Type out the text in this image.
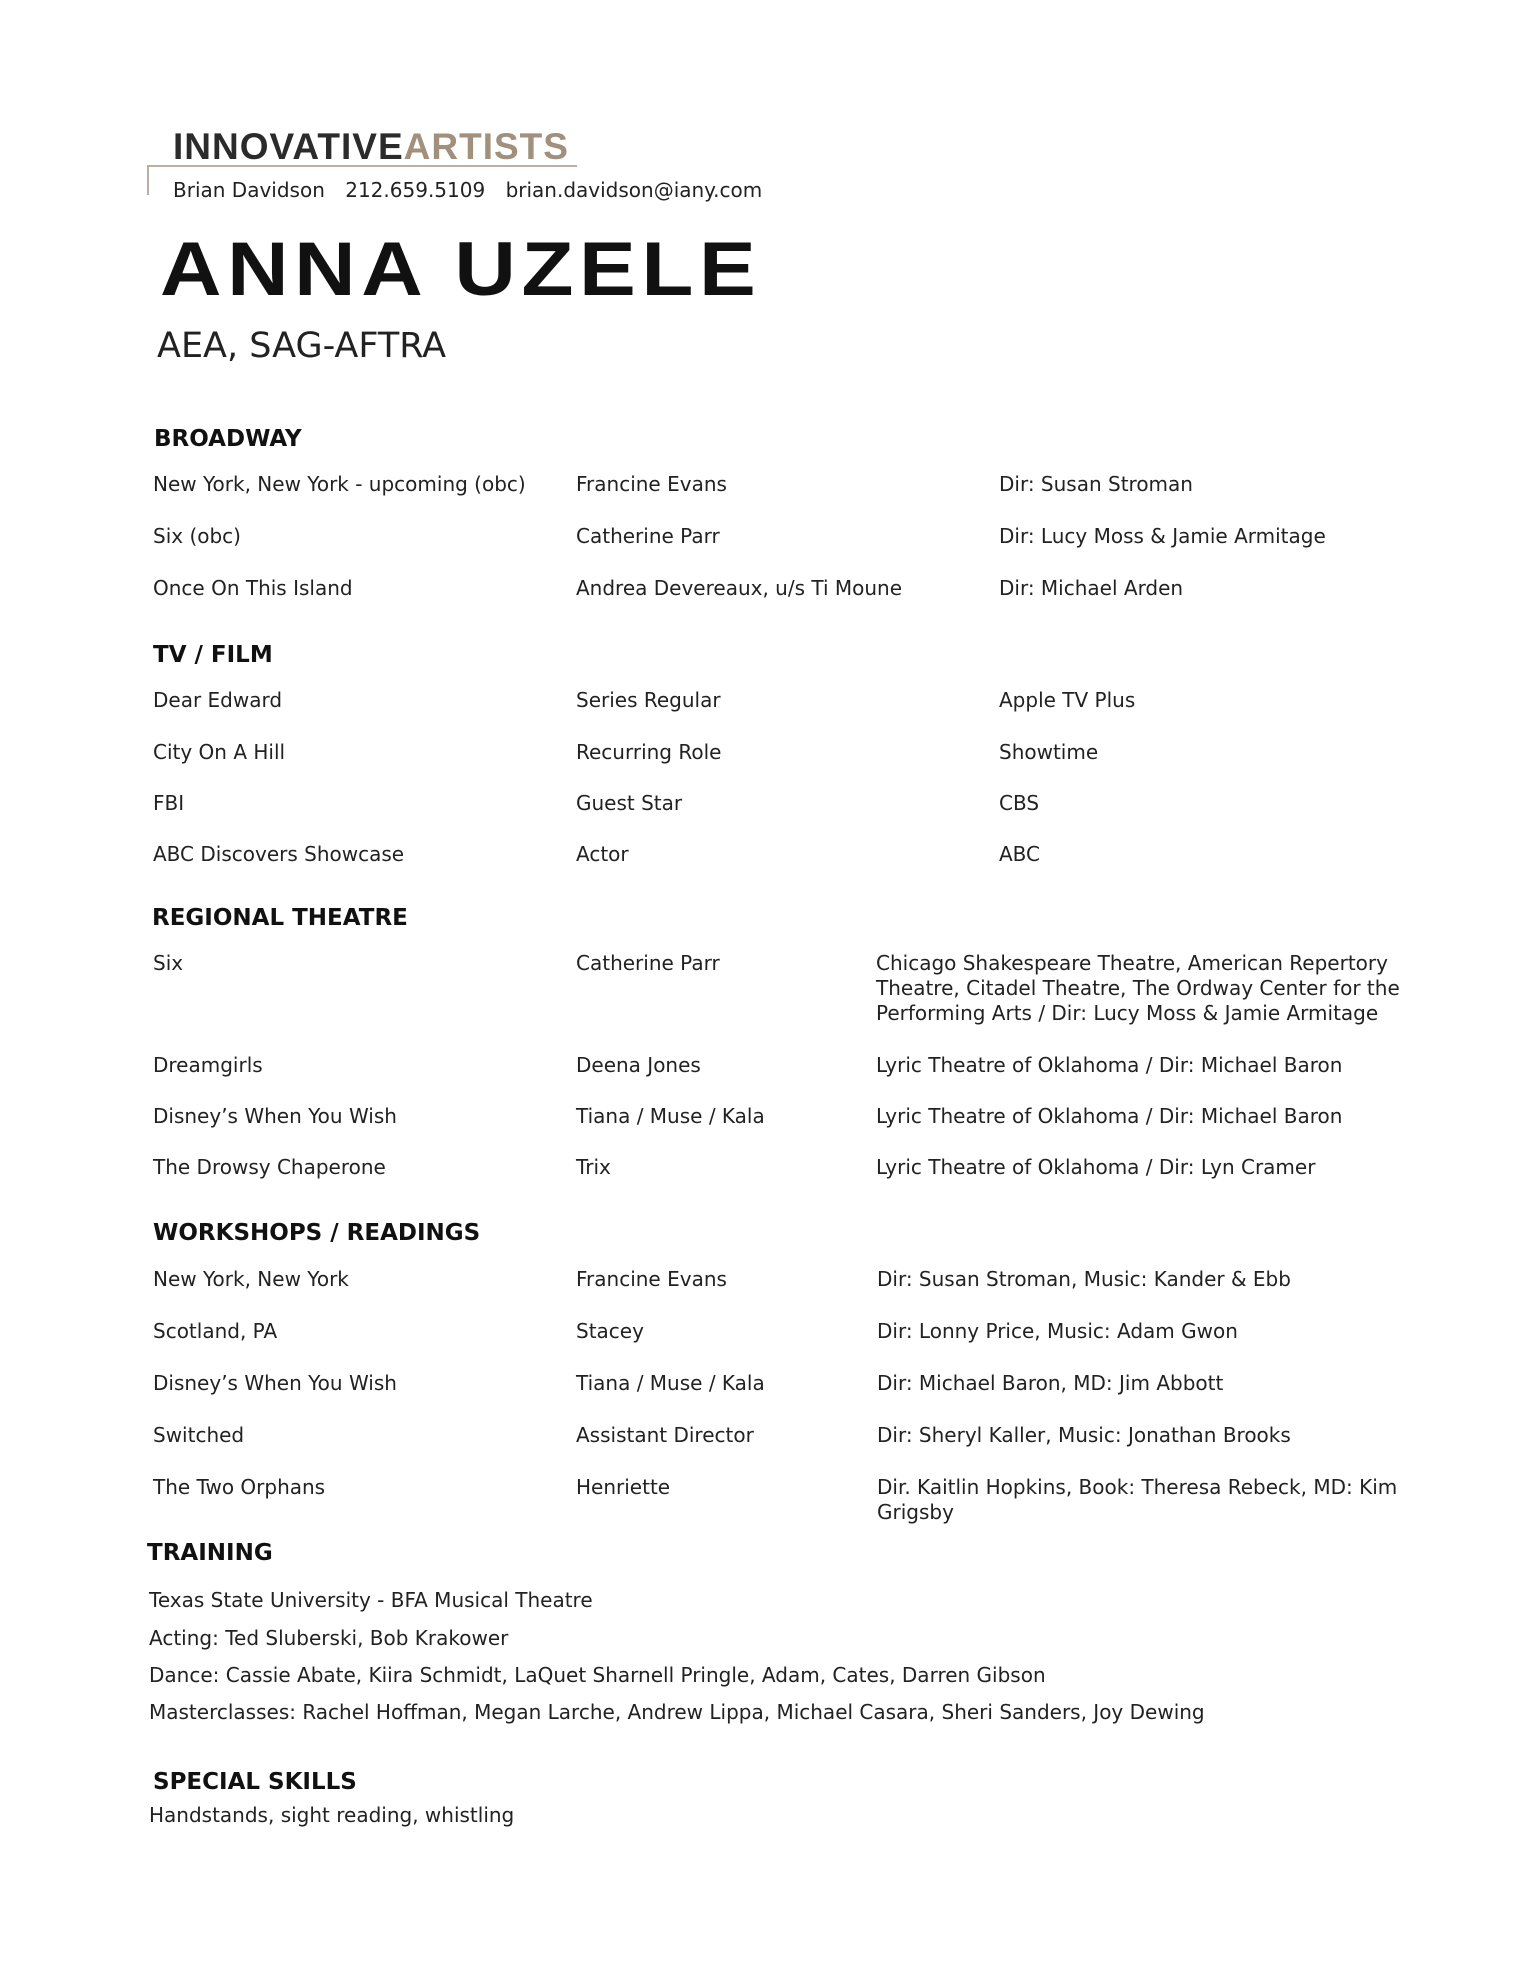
INNOVATIVEARTISTS
Brian Davidson 212.659.5109 brian.davidson@iany.com
ANNA UZELE
AEA, SAG-AFTRA
BROADWAY
New York, New York - upcoming (obc)	Francine Evans	Dir: Susan Stroman
Six (obc)	Catherine Parr	Dir: Lucy Moss & Jamie Armitage
Once On This Island	Andrea Devereaux, u/s Ti Moune	Dir: Michael Arden
TV / FILM
Dear Edward	Series Regular	Apple TV Plus
City On A Hill	Recurring Role	Showtime
FBI	Guest Star	CBS
ABC Discovers Showcase	Actor	ABC
REGIONAL THEATRE
Six	Catherine Parr	Chicago Shakespeare Theatre, American Repertory
Theatre, Citadel Theatre, The Ordway Center for the
Performing Arts / Dir: Lucy Moss & Jamie Armitage
Dreamgirls	Deena Jones	Lyric Theatre of Oklahoma / Dir: Michael Baron
Disney’s When You Wish	Tiana / Muse / Kala	Lyric Theatre of Oklahoma / Dir: Michael Baron
The Drowsy Chaperone	Trix	Lyric Theatre of Oklahoma / Dir: Lyn Cramer
WORKSHOPS / READINGS
New York, New York	Francine Evans	Dir: Susan Stroman, Music: Kander & Ebb
Scotland, PA	Stacey	Dir: Lonny Price, Music: Adam Gwon
Disney’s When You Wish	Tiana / Muse / Kala	Dir: Michael Baron, MD: Jim Abbott
Switched	Assistant Director	Dir: Sheryl Kaller, Music: Jonathan Brooks
The Two Orphans	Henriette	Dir. Kaitlin Hopkins, Book: Theresa Rebeck, MD: Kim
Grigsby
TRAINING
Texas State University - BFA Musical Theatre
Acting: Ted Sluberski, Bob Krakower
Dance: Cassie Abate, Kiira Schmidt, LaQuet Sharnell Pringle, Adam, Cates, Darren Gibson
Masterclasses: Rachel Hoffman, Megan Larche, Andrew Lippa, Michael Casara, Sheri Sanders, Joy Dewing
SPECIAL SKILLS
Handstands, sight reading, whistling
